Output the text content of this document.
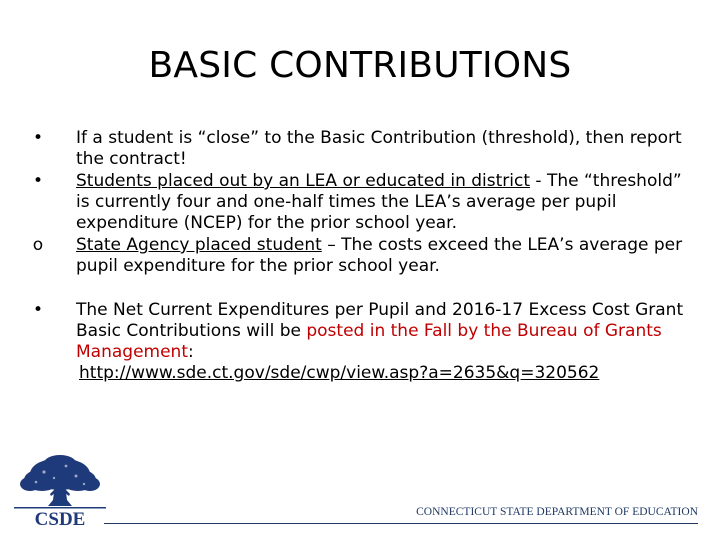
BASIC CONTRIBUTIONS
• If a student is “close” to the Basic Contribution (threshold), then report the contract!
• Students placed out by an LEA or educated in district - The “threshold” is currently four and one-half times the LEA’s average per pupil expenditure (NCEP) for the prior school year.
o State Agency placed student – The costs exceed the LEA’s average per pupil expenditure for the prior school year.
• The Net Current Expenditures per Pupil and 2016-17 Excess Cost Grant Basic Contributions will be posted in the Fall by the Bureau of Grants Management:
http://www.sde.ct.gov/sde/cwp/view.asp?a=2635&q=320562
CSDE	CONNECTICUT STATE DEPARTMENT OF EDUCATION
